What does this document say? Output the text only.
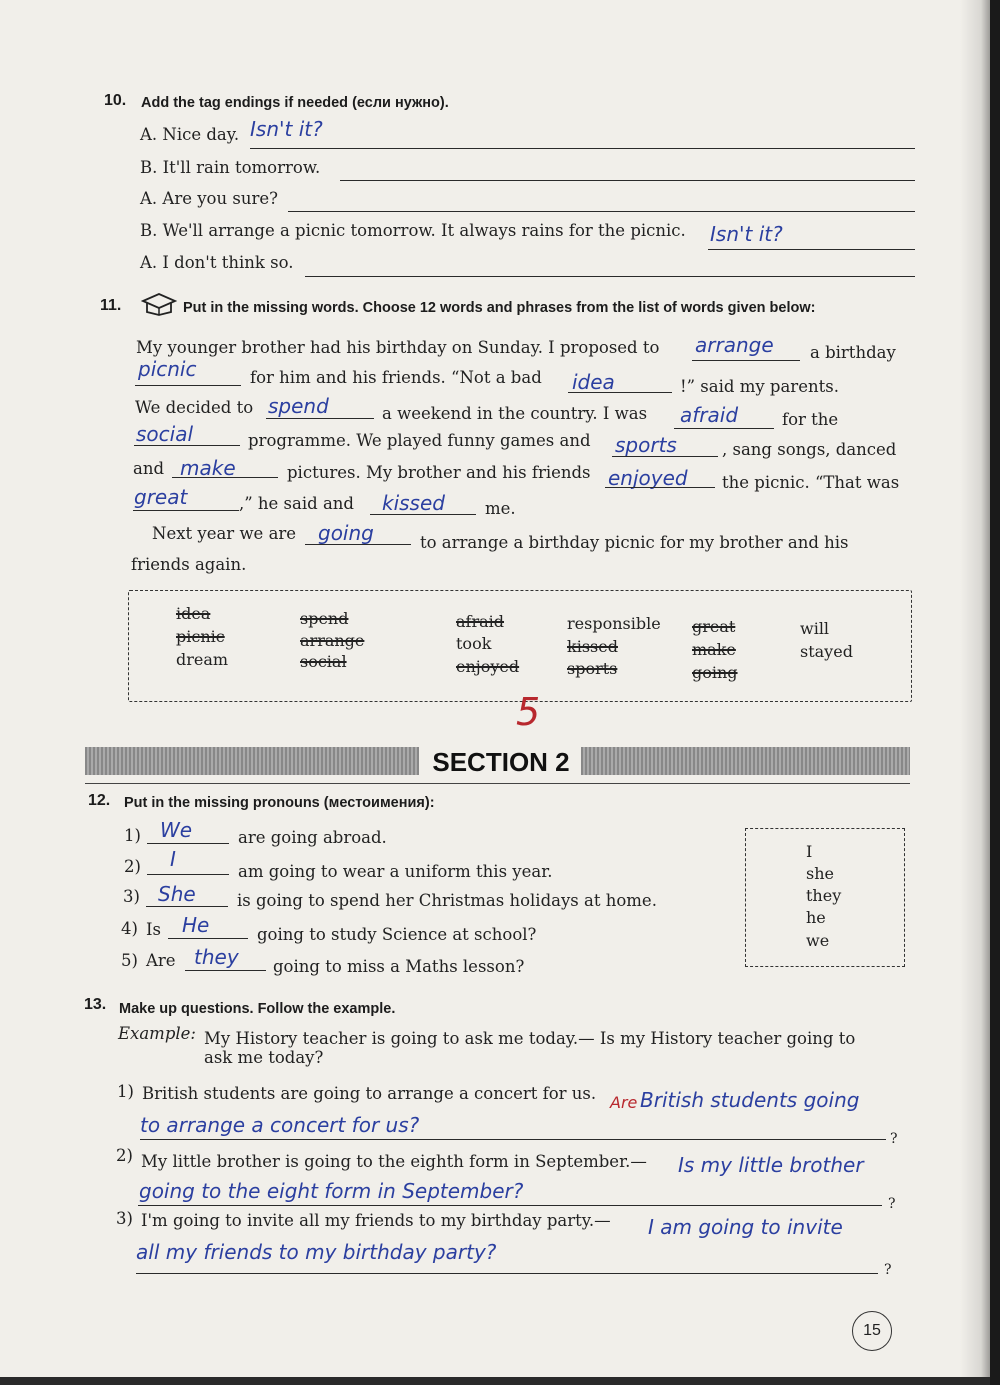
10. Add the tag endings if needed (если нужно).
A. Nice day. Isn't it?
B. It'll rain tomorrow.
A. Are you sure?
B. We'll arrange a picnic tomorrow. It always rains for the picnic. Isn't it?
A. I don't think so.
11.	Put in the missing words. Choose 12 words and phrases from the list of words given below:
My younger brother had his birthday on Sunday. I proposed to arrange a birthday
picnic	for him and his friends. “Not a bad idea	!” said my parents.
We decided to spend	a weekend in the country. I was afraid	for the
social	programme. We played funny games and sports	, sang songs, danced
and make	pictures. My brother and his friends enjoyed the picnic. “That was
great	,” he said and kissed me.
Next year we are going	to arrange a birthday picnic for my brother and his
friends again.
idea
picnic
dream
spend
arrange
social
afraid
took
enjoyed
responsible
kissed
sports
great
make
going
will
stayed
5
SECTION 2
12. Put in the missing pronouns (местоимения):
1) We	are going abroad.
2) I
am going to wear a uniform this year.
3) She	is going to spend her Christmas holidays at home.
4) Is He	going to study Science at school?
5) Are they going to miss a Maths lesson?
I
she
they
he
we
13. Make up questions. Follow the example.
Example: My History teacher is going to ask me today.— Is my History teacher going to
ask me today?
1) British students are going to arrange a concert for us. Are British students going
to arrange a concert for us?
?
2) My little brother is going to the eighth form in September.— Is my little brother
going to the eight form in September?
?
3) I'm going to invite all my friends to my birthday party.— I am going to invite
all my friends to my birthday party?
?
15
